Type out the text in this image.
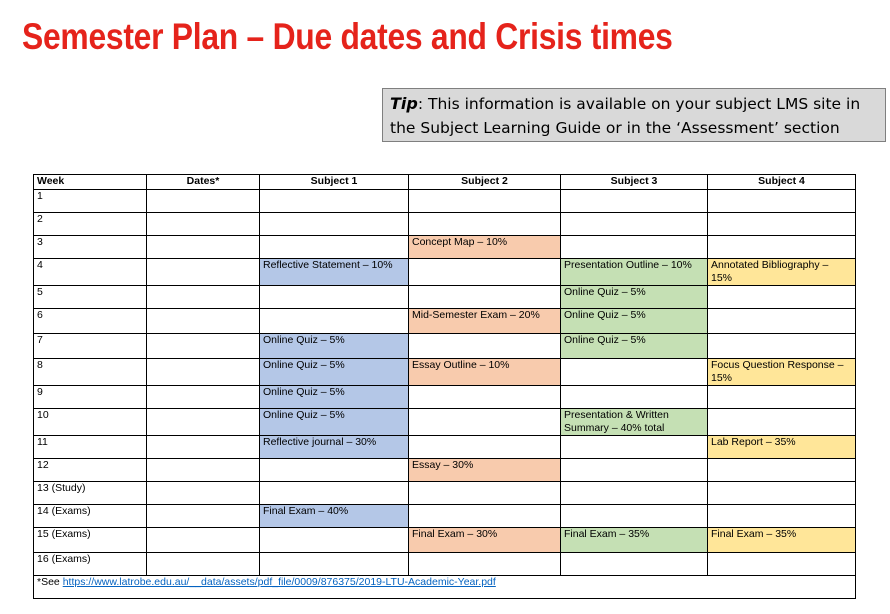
Semester Plan – Due dates and Crisis times
Tip: This information is available on your subject LMS site in the Subject Learning Guide or in the ‘Assessment’ section
Week	Dates*	Subject 1	Subject 2	Subject 3	Subject 4
1					
2					
3			Concept Map – 10%		
4		Reflective Statement – 10%		Presentation Outline – 10%	Annotated Bibliography – 15%
5				Online Quiz – 5%	
6			Mid-Semester Exam – 20%	Online Quiz – 5%	
7		Online Quiz – 5%		Online Quiz – 5%	
8		Online Quiz – 5%	Essay Outline – 10%		Focus Question Response – 15%
9		Online Quiz – 5%			
10		Online Quiz – 5%		Presentation & Written Summary – 40% total	
11		Reflective journal – 30%			Lab Report – 35%
12			Essay – 30%		
13 (Study)					
14 (Exams)		Final Exam – 40%			
15 (Exams)			Final Exam – 30%	Final Exam – 35%	Final Exam – 35%
16 (Exams)					
*See https://www.latrobe.edu.au/__data/assets/pdf_file/0009/876375/2019-LTU-Academic-Year.pdf					
